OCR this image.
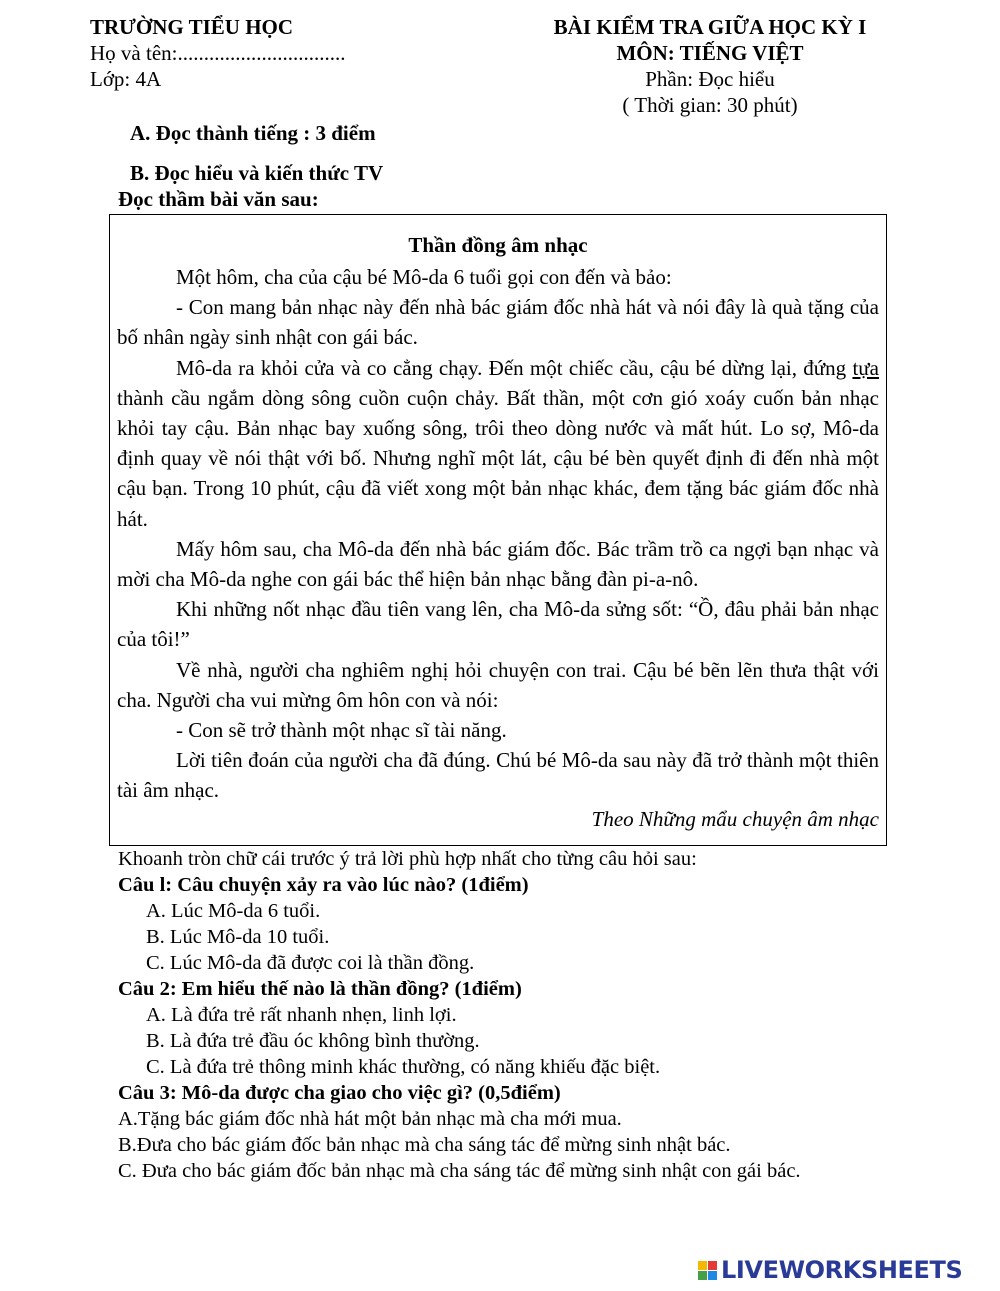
TRƯỜNG TIỂU HỌC
Họ và tên:................................
Lớp: 4A
BÀI KIỂM TRA GIỮA HỌC KỲ I
MÔN: TIẾNG VIỆT
Phần: Đọc hiểu
( Thời gian: 30 phút)
A. Đọc thành tiếng : 3 điểm
B. Đọc hiểu và kiến thức TV
Đọc thầm bài văn sau:
Thần đồng âm nhạc

Một hôm, cha của cậu bé Mô-da 6 tuổi gọi con đến và bảo:

- Con mang bản nhạc này đến nhà bác giám đốc nhà hát và nói đây là quà tặng của bố nhân ngày sinh nhật con gái bác.

Mô-da ra khỏi cửa và co cẳng chạy. Đến một chiếc cầu, cậu bé dừng lại, đứng tựa thành cầu ngắm dòng sông cuồn cuộn chảy. Bất thần, một cơn gió xoáy cuốn bản nhạc khỏi tay cậu. Bản nhạc bay xuống sông, trôi theo dòng nước và mất hút. Lo sợ, Mô-da định quay về nói thật với bố. Nhưng nghĩ một lát, cậu bé bèn quyết định đi đến nhà một cậu bạn. Trong 10 phút, cậu đã viết xong một bản nhạc khác, đem tặng bác giám đốc nhà hát.

Mấy hôm sau, cha Mô-da đến nhà bác giám đốc. Bác trầm trồ ca ngợi bạn nhạc và mời cha Mô-da nghe con gái bác thể hiện bản nhạc bằng đàn pi-a-nô.

Khi những nốt nhạc đầu tiên vang lên, cha Mô-da sửng sốt: “Ồ, đâu phải bản nhạc của tôi!”

Về nhà, người cha nghiêm nghị hỏi chuyện con trai. Cậu bé bẽn lẽn thưa thật với cha. Người cha vui mừng ôm hôn con và nói:

- Con sẽ trở thành một nhạc sĩ tài năng.

Lời tiên đoán của người cha đã đúng. Chú bé Mô-da sau này đã trở thành một thiên tài âm nhạc.

Theo Những mẩu chuyện âm nhạc
Khoanh tròn chữ cái trước ý trả lời phù hợp nhất cho từng câu hỏi sau:
Câu l: Câu chuyện xảy ra vào lúc nào? (1điểm)
A. Lúc Mô-da 6 tuổi.
B. Lúc Mô-da 10 tuổi.
C. Lúc Mô-da đã được coi là thần đồng.
Câu 2: Em hiểu thế nào là thần đồng? (1điểm)
A. Là đứa trẻ rất nhanh nhẹn, linh lợi.
B. Là đứa trẻ đầu óc không bình thường.
C. Là đứa trẻ thông minh khác thường, có năng khiếu đặc biệt.
Câu 3: Mô-da được cha giao cho việc gì? (0,5điểm)
A.Tặng bác giám đốc nhà hát một bản nhạc mà cha mới mua.
B.Đưa cho bác giám đốc bản nhạc mà cha sáng tác để mừng sinh nhật bác.
C. Đưa cho bác giám đốc bản nhạc mà cha sáng tác để mừng sinh nhật con gái bác.
LIVEWORKSHEETS
